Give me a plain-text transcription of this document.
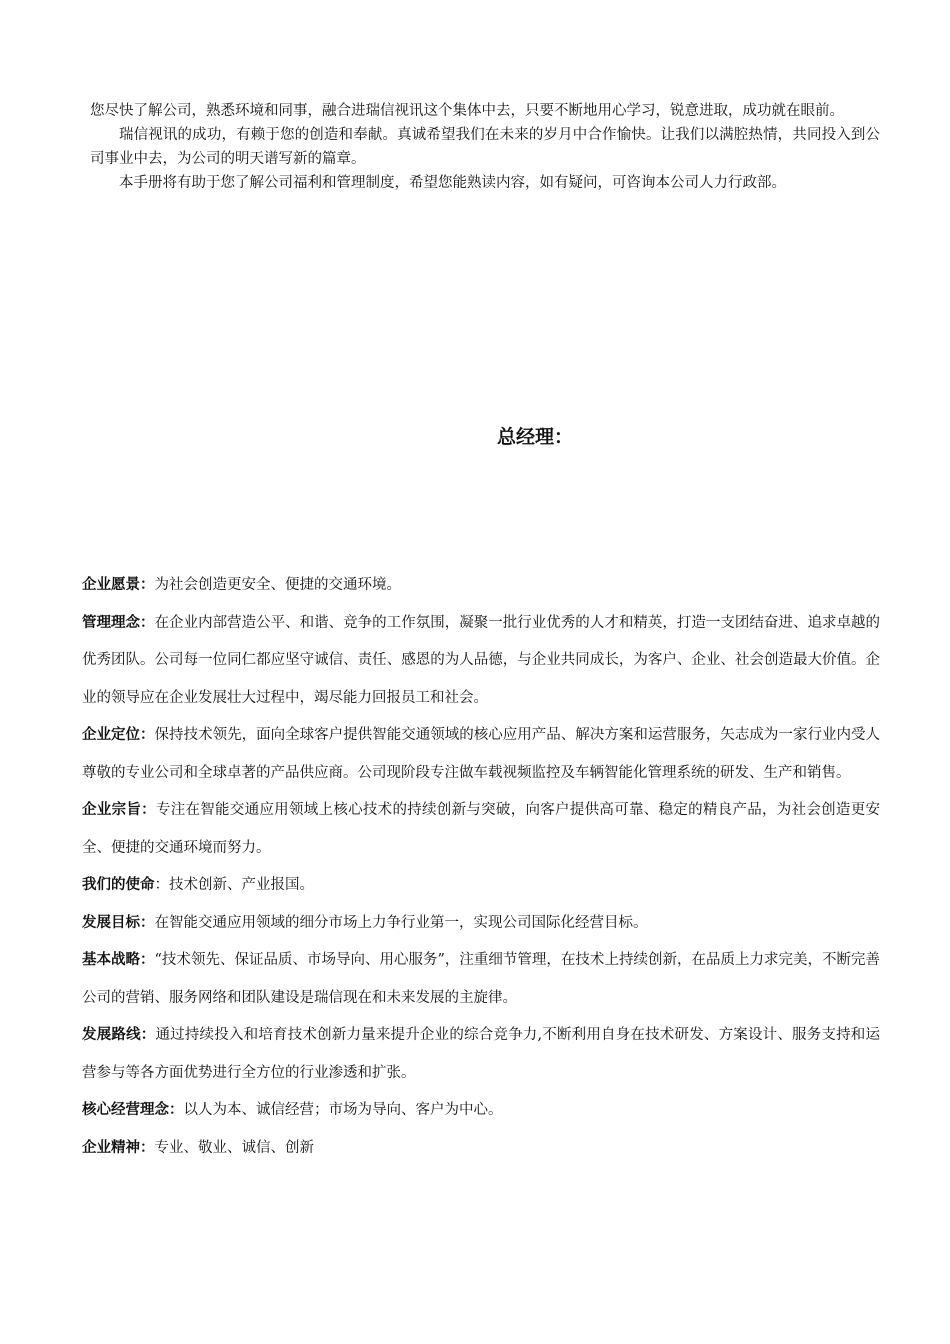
您尽快了解公司，熟悉环境和同事，融合进瑞信视讯这个集体中去，只要不断地用心学习，锐意进取，成功就在眼前。

瑞信视讯的成功，有赖于您的创造和奉献。真诚希望我们在未来的岁月中合作愉快。让我们以满腔热情，共同投入到公司事业中去，为公司的明天谱写新的篇章。

本手册将有助于您了解公司福利和管理制度，希望您能熟读内容，如有疑问，可咨询本公司人力行政部。

总经理：

企业愿景：为社会创造更安全、便捷的交通环境。

管理理念：在企业内部营造公平、和谐、竞争的工作氛围，凝聚一批行业优秀的人才和精英，打造一支团结奋进、追求卓越的优秀团队。公司每一位同仁都应坚守诚信、责任、感恩的为人品德，与企业共同成长，为客户、企业、社会创造最大价值。企业的领导应在企业发展壮大过程中，竭尽能力回报员工和社会。

企业定位：保持技术领先，面向全球客户提供智能交通领域的核心应用产品、解决方案和运营服务，矢志成为一家行业内受人尊敬的专业公司和全球卓著的产品供应商。公司现阶段专注做车载视频监控及车辆智能化管理系统的研发、生产和销售。

企业宗旨：专注在智能交通应用领域上核心技术的持续创新与突破，向客户提供高可靠、稳定的精良产品，为社会创造更安全、便捷的交通环境而努力。

我们的使命：技术创新、产业报国。

发展目标：在智能交通应用领域的细分市场上力争行业第一，实现公司国际化经营目标。

基本战略：“技术领先、保证品质、市场导向、用心服务”，注重细节管理，在技术上持续创新，在品质上力求完美，不断完善公司的营销、服务网络和团队建设是瑞信现在和未来发展的主旋律。

发展路线：通过持续投入和培育技术创新力量来提升企业的综合竞争力,不断利用自身在技术研发、方案设计、服务支持和运营参与等各方面优势进行全方位的行业渗透和扩张。

核心经营理念：以人为本、诚信经营；市场为导向、客户为中心。

企业精神：专业、敬业、诚信、创新
